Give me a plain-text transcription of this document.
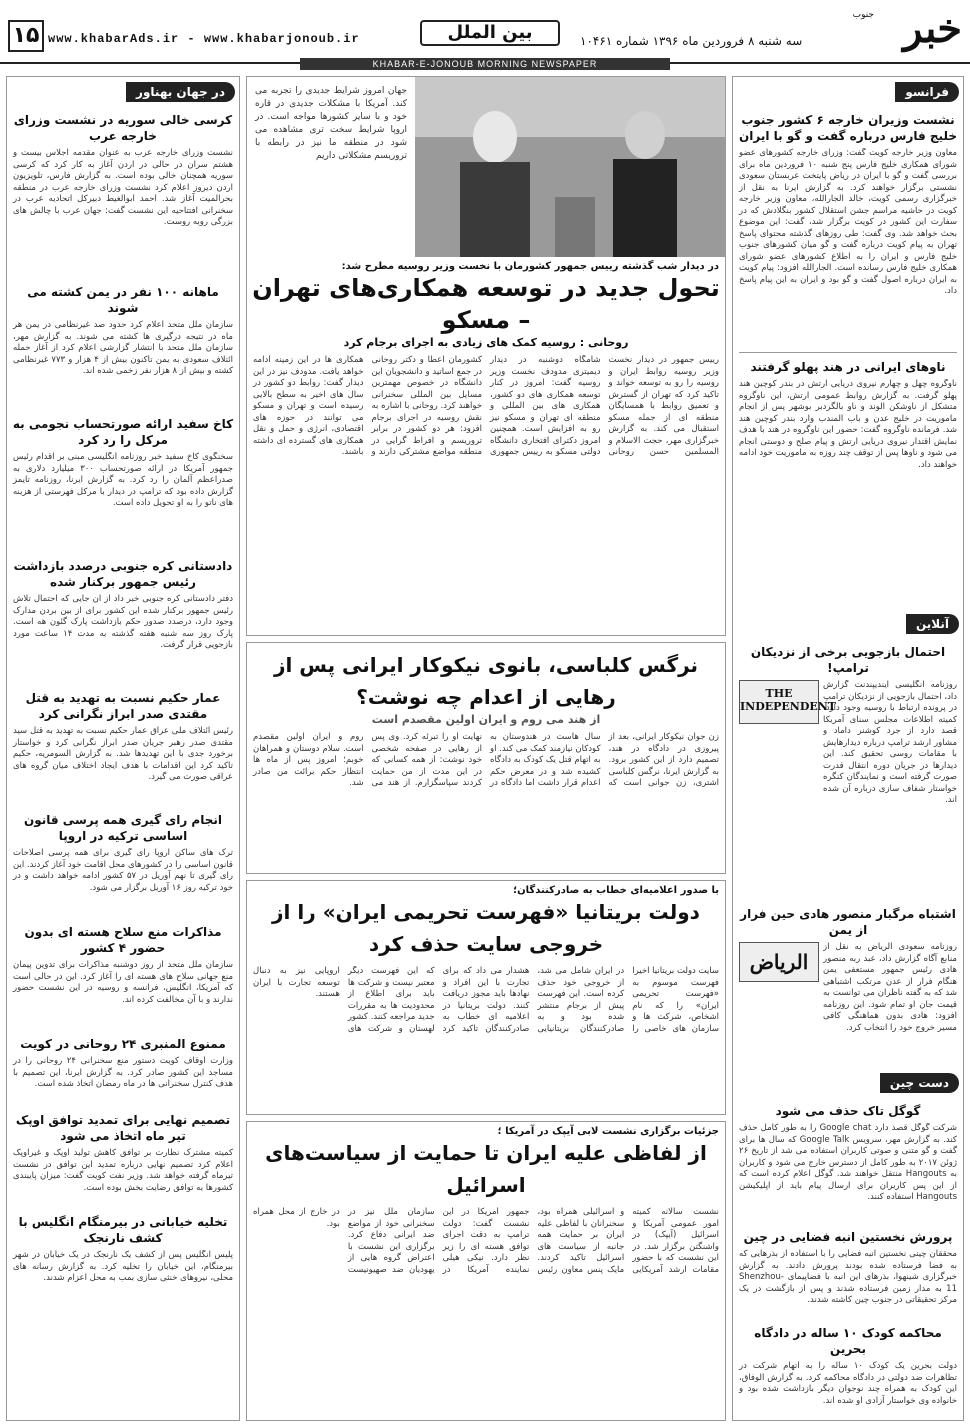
۱۵ www.khabarAds.ir - www.khabarjonoub.ir	بین الملل	سه شنبه ۸ فروردین ماه ۱۳۹۶ شماره ۱۰۴۶۱	خبر
جنوب
KHABAR-E-JONOUB MORNING NEWSPAPER
فرانسو
نشست وزیران خارجه ۶ کشور جنوب خلیج فارس درباره گفت و گو با ایران
معاون وزیر خارجه کویت گفت: وزرای خارجه کشورهای عضو شورای همکاری خلیج فارس پنج شنبه ۱۰ فروردین ماه برای بررسی گفت و گو با ایران در ریاض پایتخت عربستان سعودی نشستی برگزار خواهند کرد. به گزارش ایرنا به نقل از خبرگزاری رسمی کویت، خالد الجارالله، معاون وزیر خارجه کویت در حاشیه مراسم جشن استقلال کشور بنگلادش که در سفارت این کشور در کویت برگزار شد، گفت: این موضوع بحث خواهد شد. وی گفت: طی روزهای گذشته محتوای پاسخ تهران به پیام کویت درباره گفت و گو میان کشورهای جنوب خلیج فارس و ایران را به اطلاع کشورهای عضو شورای همکاری خلیج فارس رسانده است. الجارالله افزود: پیام کویت به ایران درباره اصول گفت و گو بود و ایران به این پیام پاسخ داد.
ناوهای ایرانی در هند پهلو گرفتند
ناوگروه چهل و چهارم نیروی دریایی ارتش در بندر کوچین هند پهلو گرفت. به گزارش روابط عمومی ارتش، این ناوگروه متشکل از ناوشکن الوند و ناو بالگردبر بوشهر پس از انجام ماموریت در خلیج عدن و باب المندب وارد بندر کوچین هند شد. فرمانده ناوگروه گفت: حضور این ناوگروه در هند با هدف نمایش اقتدار نیروی دریایی ارتش و پیام صلح و دوستی انجام می شود و ناوها پس از توقف چند روزه به ماموریت خود ادامه خواهند داد.
آنلاین
احتمال بازجویی برخی از نزدیکان ترامپ!
روزنامه انگلیسی ایندیپندنت گزارش داد، احتمال بازجویی از نزدیکان ترامپ در پرونده ارتباط با روسیه وجود دارد. کمیته اطلاعات مجلس سنای آمریکا قصد دارد از جرد کوشنر داماد و مشاور ارشد ترامپ درباره دیدارهایش با مقامات روسی تحقیق کند. این دیدارها در جریان دوره انتقال قدرت صورت گرفته است و نمایندگان کنگره خواستار شفاف سازی درباره آن شده اند.
THE INDEPENDENT
اشتباه مرگبار منصور هادی حین فرار از یمن
روزنامه سعودی الریاض به نقل از منابع آگاه گزارش داد، عبد ربه منصور هادی رئیس جمهور مستعفی یمن هنگام فرار از عدن مرتکب اشتباهی شد که به گفته ناظران می توانست به قیمت جان او تمام شود. این روزنامه افزود: هادی بدون هماهنگی کافی مسیر خروج خود را انتخاب کرد.
الریاض
دست چین
گوگل تاک حذف می شود
شرکت گوگل قصد دارد Google chat را به طور کامل حذف کند. به گزارش مهر، سرویس Google Talk که سال ها برای گفت و گو متنی و صوتی کاربران استفاده می شد از تاریخ ۲۶ ژوئن ۲۰۱۷ به طور کامل از دسترس خارج می شود و کاربران به Hangouts منتقل خواهند شد. گوگل اعلام کرده است که از این پس کاربران برای ارسال پیام باید از اپلیکیشن Hangouts استفاده کنند.
پرورش نخستین انبه فضایی در چین
محققان چینی نخستین انبه فضایی را با استفاده از بذرهایی که به فضا فرستاده شده بودند پرورش دادند. به گزارش خبرگزاری شینهوا، بذرهای این انبه با فضاپیمای Shenzhou-11 به مدار زمین فرستاده شدند و پس از بازگشت در یک مرکز تحقیقاتی در جنوب چین کاشته شدند.
محاکمه کودک ۱۰ ساله در دادگاه بحرین
دولت بحرین یک کودک ۱۰ ساله را به اتهام شرکت در تظاهرات ضد دولتی در دادگاه محاکمه کرد. به گزارش الوفاق، این کودک به همراه چند نوجوان دیگر بازداشت شده بود و خانواده وی خواستار آزادی او شده اند.
جهان امروز شرایط جدیدی را تجربه می کند. آمریکا با مشکلات جدیدی در قاره خود و با سایر کشورها مواجه است. در اروپا شرایط سخت تری مشاهده می شود در منطقه ما نیز در رابطه با تروریسم مشکلاتی داریم
در دیدار شب گذشته رییس جمهور کشورمان با نخست وزیر روسیه مطرح شد:
تحول جدید در توسعه همکاری‌های تهران – مسکو
روحانی : روسیه کمک های زیادی به اجرای برجام کرد
رییس جمهور در دیدار نخست وزیر روسیه روابط ایران و روسیه را رو به توسعه خواند و تاکید کرد که تهران از گسترش و تعمیق روابط با همسایگان منطقه ای از جمله مسکو استقبال می کند. به گزارش خبرگزاری مهر، حجت الاسلام و المسلمین حسن روحانی شامگاه دوشنبه در دیدار دیمیتری مدودف نخست وزیر روسیه گفت: امروز در کنار توسعه همکاری های دو کشور، همکاری های بین المللی و منطقه ای تهران و مسکو نیز رو به افزایش است. همچنین امروز دکترای افتخاری دانشگاه دولتی مسکو به رییس جمهوری کشورمان اعطا و دکتر روحانی در جمع اساتید و دانشجویان این دانشگاه در خصوص مهمترین مسایل بین المللی سخنرانی خواهند کرد. روحانی با اشاره به نقش روسیه در اجرای برجام افزود: هر دو کشور در برابر تروریسم و افراط گرایی در منطقه مواضع مشترکی دارند و همکاری ها در این زمینه ادامه خواهد یافت. مدودف نیز در این دیدار گفت: روابط دو کشور در سال های اخیر به سطح بالایی رسیده است و تهران و مسکو می توانند در حوزه های اقتصادی، انرژی و حمل و نقل همکاری های گسترده ای داشته باشند.
نرگس کلباسی، بانوی نیکوکار ایرانی پس از رهایی از اعدام چه نوشت؟
از هند می روم و ایران اولین مقصدم است
زن جوان نیکوکار ایرانی، بعد از پیروزی در دادگاه در هند، تصمیم دارد از این کشور برود. به گزارش ایرنا، نرگس کلباسی اشتری، زن جوانی است که سال هاست در هندوستان به کودکان نیازمند کمک می کند. او به اتهام قتل یک کودک به دادگاه کشیده شد و در معرض حکم اعدام قرار داشت اما دادگاه در نهایت او را تبرئه کرد. وی پس از رهایی در صفحه شخصی خود نوشت: از همه کسانی که در این مدت از من حمایت کردند سپاسگزارم. از هند می روم و ایران اولین مقصدم است. سلام دوستان و همراهان خوبم؛ امروز پس از ماه ها انتظار حکم برائت من صادر شد.
با صدور اعلامیه‌ای خطاب به صادرکنندگان؛
دولت بریتانیا «فهرست تحریمی ایران» را از خروجی سایت حذف کرد
سایت دولت بریتانیا اخیرا فهرست موسوم به «فهرست تحریمی ایران» را که نام اشخاص، شرکت ها و سازمان های خاصی را در ایران شامل می شد، از خروجی خود حذف کرده است. این فهرست پیش از برجام منتشر شده بود و به صادرکنندگان بریتانیایی هشدار می داد که برای تجارت با این افراد و نهادها باید مجوز دریافت کنند. دولت بریتانیا در اعلامیه ای خطاب به صادرکنندگان تاکید کرد که این فهرست دیگر معتبر نیست و شرکت ها باید برای اطلاع از محدودیت ها به مقررات جدید مراجعه کنند. کشور لهستان و شرکت های اروپایی نیز به دنبال توسعه تجارت با ایران هستند.
جزئیات برگزاری نشست لابی آیپک در آمریکا ؛
از لفاظی علیه ایران تا حمایت از سیاست‌های اسرائیل
نشست سالانه کمیته امور عمومی آمریکا و اسرائیل (آیپک) در واشنگتن برگزار شد. در این نشست که با حضور مقامات ارشد آمریکایی و اسرائیلی همراه بود، سخنرانان با لفاظی علیه ایران بر حمایت همه جانبه از سیاست های اسرائیل تاکید کردند. مایک پنس معاون رئیس جمهور آمریکا در این نشست گفت: دولت ترامپ به دقت اجرای توافق هسته ای را زیر نظر دارد. نیکی هیلی نماینده آمریکا در سازمان ملل نیز در سخنرانی خود از مواضع ضد ایرانی دفاع کرد. برگزاری این نشست با اعتراض گروه هایی از یهودیان ضد صهیونیست در خارج از محل همراه بود.
در جهان بهناور
کرسی خالی سوریه در نشست وزرای خارجه عرب
نشست وزرای خارجه عرب به عنوان مقدمه اجلاس بیست و هشتم سران در حالی در اردن آغاز به کار کرد که کرسی سوریه همچنان خالی بوده است. به گزارش فارس، تلویزیون اردن دیروز اعلام کرد نشست وزرای خارجه عرب در منطقه بحرالمیت آغاز شد. احمد ابوالغیط دبیرکل اتحادیه عرب در سخنرانی افتتاحیه این نشست گفت: جهان عرب با چالش های بزرگی روبه روست.
ماهانه ۱۰۰ نفر در یمن کشته می شوند
سازمان ملل متحد اعلام کرد حدود صد غیرنظامی در یمن هر ماه در نتیجه درگیری ها کشته می شوند. به گزارش مهر، سازمان ملل متحد با انتشار گزارشی اعلام کرد از آغاز حمله ائتلاف سعودی به یمن تاکنون بیش از ۴ هزار و ۷۷۳ غیرنظامی کشته و بیش از ۸ هزار نفر زخمی شده اند.
کاخ سفید ارائه صورتحساب نجومی به مرکل را رد کرد
سخنگوی کاخ سفید خبر روزنامه انگلیسی مبنی بر اقدام رئیس جمهور آمریکا در ارائه صورتحساب ۳۰۰ میلیارد دلاری به صدراعظم آلمان را رد کرد. به گزارش ایرنا، روزنامه تایمز گزارش داده بود که ترامپ در دیدار با مرکل فهرستی از هزینه های ناتو را به او تحویل داده است.
دادستانی کره جنوبی درصدد بازداشت رئیس جمهور برکنار شده
دفتر دادستانی کره جنوبی خبر داد از آن جایی که احتمال تلاش رئیس جمهور برکنار شده این کشور برای از بین بردن مدارک وجود دارد، درصدد صدور حکم بازداشت پارک گئون هه است. پارک روز سه شنبه هفته گذشته به مدت ۱۴ ساعت مورد بازجویی قرار گرفت.
عمار حکیم نسبت به تهدید به قتل مقتدی صدر ابراز نگرانی کرد
رئیس ائتلاف ملی عراق عمار حکیم نسبت به تهدید به قتل سید مقتدی صدر رهبر جریان صدر ابراز نگرانی کرد و خواستار برخورد جدی با این تهدیدها شد. به گزارش السومریه، حکیم تاکید کرد این اقدامات با هدف ایجاد اختلاف میان گروه های عراقی صورت می گیرد.
انجام رای گیری همه پرسی قانون اساسی ترکیه در اروپا
ترک های ساکن اروپا رای گیری برای همه پرسی اصلاحات قانون اساسی را در کشورهای محل اقامت خود آغاز کردند. این رای گیری تا نهم آوریل در ۵۷ کشور ادامه خواهد داشت و در خود ترکیه روز ۱۶ آوریل برگزار می شود.
مذاکرات منع سلاح هسته ای بدون حضور ۴ کشور
سازمان ملل متحد از روز دوشنبه مذاکرات برای تدوین پیمان منع جهانی سلاح های هسته ای را آغاز کرد. این در حالی است که آمریکا، انگلیس، فرانسه و روسیه در این نشست حضور ندارند و با آن مخالفت کرده اند.
ممنوع المنبری ۲۴ روحانی در کویت
وزارت اوقاف کویت دستور منع سخنرانی ۲۴ روحانی را در مساجد این کشور صادر کرد. به گزارش ایرنا، این تصمیم با هدف کنترل سخنرانی ها در ماه رمضان اتخاذ شده است.
تصمیم نهایی برای تمدید توافق اوپک تیر ماه اتخاذ می شود
کمیته مشترک نظارت بر توافق کاهش تولید اوپک و غیراوپک اعلام کرد تصمیم نهایی درباره تمدید این توافق در نشست تیرماه گرفته خواهد شد. وزیر نفت کویت گفت: میزان پایبندی کشورها به توافق رضایت بخش بوده است.
تخلیه خیابانی در بیرمنگام انگلیس با کشف نارنجک
پلیس انگلیس پس از کشف یک نارنجک در یک خیابان در شهر بیرمنگام، این خیابان را تخلیه کرد. به گزارش رسانه های محلی، نیروهای خنثی سازی بمب به محل اعزام شدند.
